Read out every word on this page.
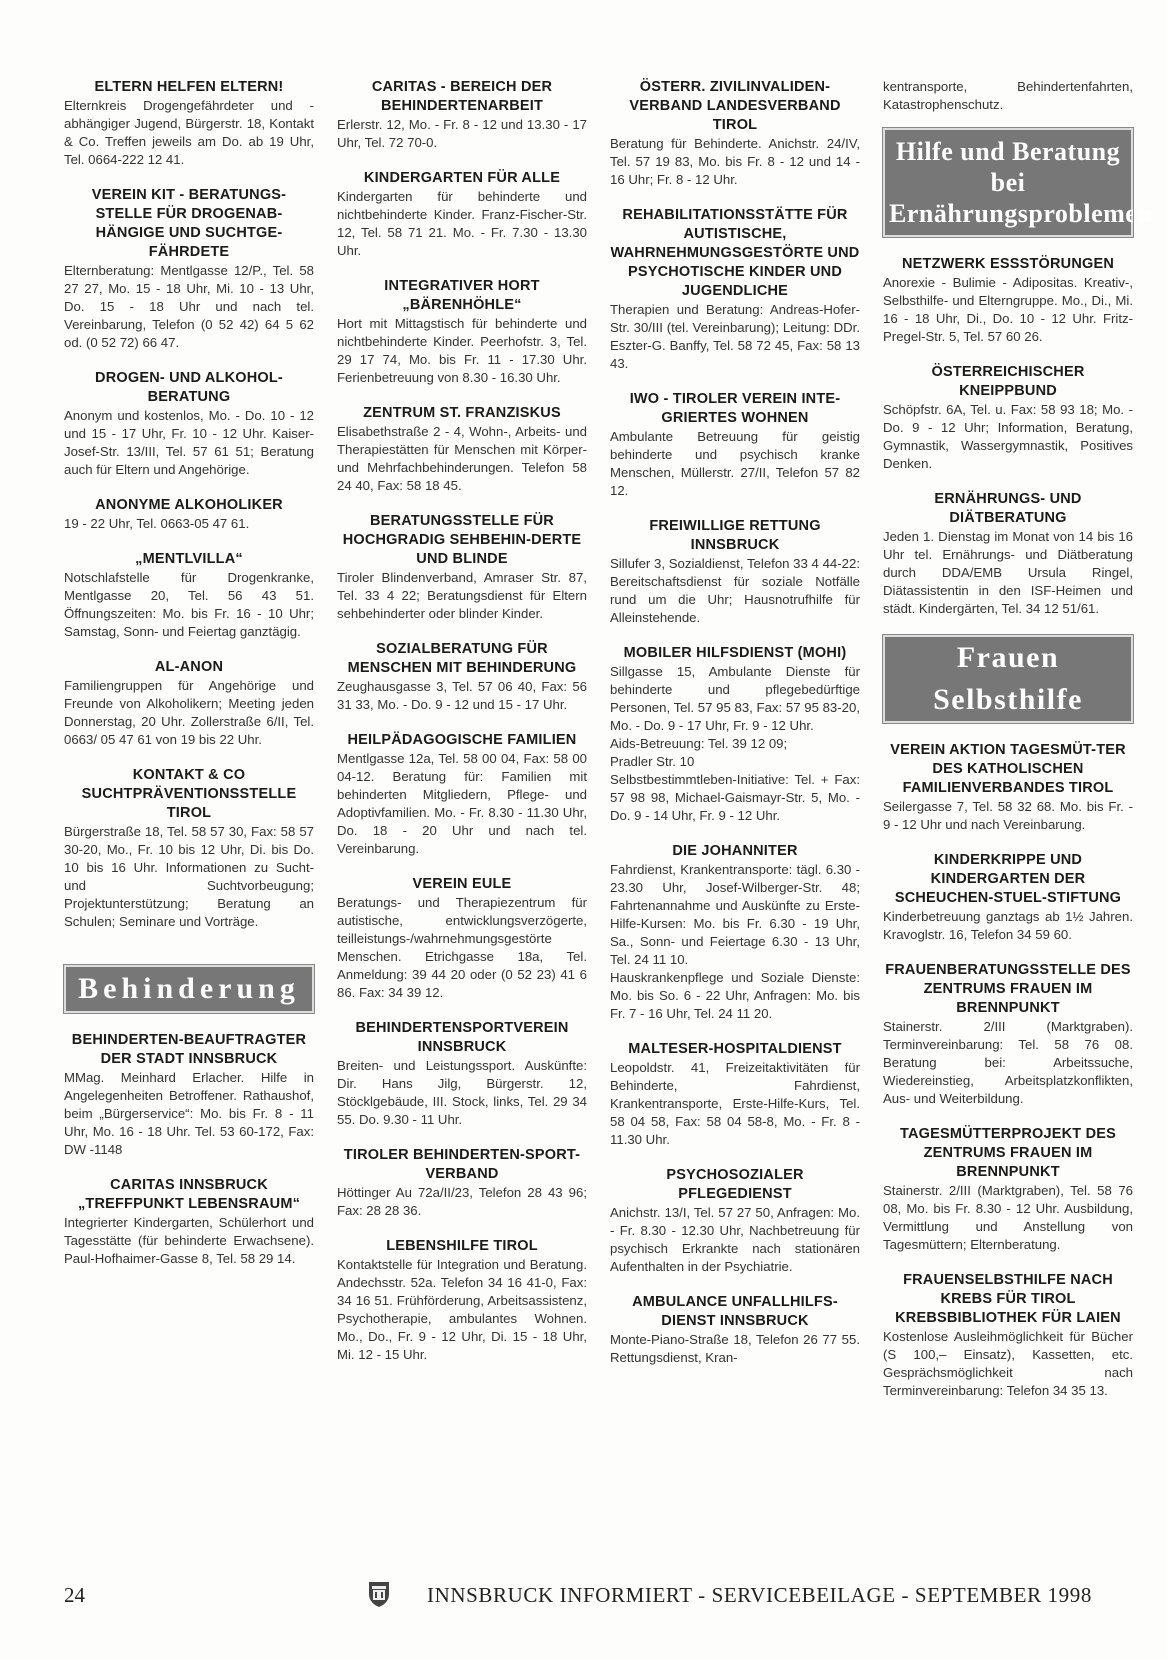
ELTERN HELFEN ELTERN!
Elternkreis Drogengefährdeter und -abhängiger Jugend, Bürgerstr. 18, Kontakt & Co. Treffen jeweils am Do. ab 19 Uhr, Tel. 0664-222 12 41.
VEREIN KIT - BERATUNGS-STELLE FÜR DROGENAB-HÄNGIGE UND SUCHTGE-FÄHRDETE
Elternberatung: Mentlgasse 12/P., Tel. 58 27 27, Mo. 15 - 18 Uhr, Mi. 10 - 13 Uhr, Do. 15 - 18 Uhr und nach tel. Vereinbarung, Telefon (0 52 42) 64 5 62 od. (0 52 72) 66 47.
DROGEN- UND ALKOHOL-BERATUNG
Anonym und kostenlos, Mo. - Do. 10 - 12 und 15 - 17 Uhr, Fr. 10 - 12 Uhr. Kaiser-Josef-Str. 13/III, Tel. 57 61 51; Beratung auch für Eltern und Angehörige.
ANONYME ALKOHOLIKER
19 - 22 Uhr, Tel. 0663-05 47 61.
„MENTLVILLA“
Notschlafstelle für Drogenkranke, Mentlgasse 20, Tel. 56 43 51. Öffnungszeiten: Mo. bis Fr. 16 - 10 Uhr; Samstag, Sonn- und Feiertag ganztägig.
AL-ANON
Familiengruppen für Angehörige und Freunde von Alkoholikern; Meeting jeden Donnerstag, 20 Uhr. Zollerstraße 6/II, Tel. 0663/ 05 47 61 von 19 bis 22 Uhr.
KONTAKT & CO SUCHTPRÄVENTIONSSTELLE TIROL
Bürgerstraße 18, Tel. 58 57 30, Fax: 58 57 30-20, Mo., Fr. 10 bis 12 Uhr, Di. bis Do. 10 bis 16 Uhr. Informationen zu Sucht- und Suchtvorbeugung; Projektunterstützung; Beratung an Schulen; Seminare und Vorträge.
Behinderung
BEHINDERTEN-BEAUFTRAGTER DER STADT INNSBRUCK
MMag. Meinhard Erlacher. Hilfe in Angelegenheiten Betroffener. Rathaushof, beim „Bürgerservice“: Mo. bis Fr. 8 - 11 Uhr, Mo. 16 - 18 Uhr. Tel. 53 60-172, Fax: DW -1148
CARITAS INNSBRUCK „TREFFPUNKT LEBENSRAUM“
Integrierter Kindergarten, Schülerhort und Tagesstätte (für behinderte Erwachsene). Paul-Hofhaimer-Gasse 8, Tel. 58 29 14.
CARITAS - BEREICH DER BEHINDERTENARBEIT
Erlerstr. 12, Mo. - Fr. 8 - 12 und 13.30 - 17 Uhr, Tel. 72 70-0.
KINDERGARTEN FÜR ALLE
Kindergarten für behinderte und nichtbehinderte Kinder. Franz-Fischer-Str. 12, Tel. 58 71 21. Mo. - Fr. 7.30 - 13.30 Uhr.
INTEGRATIVER HORT „BÄRENHÖHLE“
Hort mit Mittagstisch für behinderte und nichtbehinderte Kinder. Peerhofstr. 3, Tel. 29 17 74, Mo. bis Fr. 11 - 17.30 Uhr. Ferienbetreuung von 8.30 - 16.30 Uhr.
ZENTRUM ST. FRANZISKUS
Elisabethstraße 2 - 4, Wohn-, Arbeits- und Therapiestätten für Menschen mit Körper- und Mehrfachbehinderungen. Telefon 58 24 40, Fax: 58 18 45.
BERATUNGSSTELLE FÜR HOCHGRADIG SEHBEHIN-DERTE UND BLINDE
Tiroler Blindenverband, Amraser Str. 87, Tel. 33 4 22; Beratungsdienst für Eltern sehbehinderter oder blinder Kinder.
SOZIALBERATUNG FÜR MENSCHEN MIT BEHINDERUNG
Zeughausgasse 3, Tel. 57 06 40, Fax: 56 31 33, Mo. - Do. 9 - 12 und 15 - 17 Uhr.
HEILPÄDAGOGISCHE FAMILIEN
Mentlgasse 12a, Tel. 58 00 04, Fax: 58 00 04-12. Beratung für: Familien mit behinderten Mitgliedern, Pflege- und Adoptivfamilien. Mo. - Fr. 8.30 - 11.30 Uhr, Do. 18 - 20 Uhr und nach tel. Vereinbarung.
VEREIN EULE
Beratungs- und Therapiezentrum für autistische, entwicklungsverzögerte, teilleistungs-/wahrnehmungsgestörte Menschen. Etrichgasse 18a, Tel. Anmeldung: 39 44 20 oder (0 52 23) 41 6 86. Fax: 34 39 12.
BEHINDERTENSPORTVEREIN INNSBRUCK
Breiten- und Leistungssport. Auskünfte: Dir. Hans Jilg, Bürgerstr. 12, Stöcklgebäude, III. Stock, links, Tel. 29 34 55. Do. 9.30 - 11 Uhr.
TIROLER BEHINDERTEN-SPORT-VERBAND
Höttinger Au 72a/II/23, Telefon 28 43 96; Fax: 28 28 36.
LEBENSHILFE TIROL
Kontaktstelle für Integration und Beratung. Andechsstr. 52a. Telefon 34 16 41-0, Fax: 34 16 51. Frühförderung, Arbeitsassistenz, Psychotherapie, ambulantes Wohnen. Mo., Do., Fr. 9 - 12 Uhr, Di. 15 - 18 Uhr, Mi. 12 - 15 Uhr.
ÖSTERR. ZIVILINVALIDEN-VERBAND LANDESVERBAND TIROL
Beratung für Behinderte. Anichstr. 24/IV, Tel. 57 19 83, Mo. bis Fr. 8 - 12 und 14 - 16 Uhr; Fr. 8 - 12 Uhr.
REHABILITATIONSSTÄTTE FÜR AUTISTISCHE, WAHRNEHMUNGSGESTÖRTE UND PSYCHOTISCHE KINDER UND JUGENDLICHE
Therapien und Beratung: Andreas-Hofer-Str. 30/III (tel. Vereinbarung); Leitung: DDr. Eszter-G. Banffy, Tel. 58 72 45, Fax: 58 13 43.
IWO - TIROLER VEREIN INTE-GRIERTES WOHNEN
Ambulante Betreuung für geistig behinderte und psychisch kranke Menschen, Müllerstr. 27/II, Telefon 57 82 12.
FREIWILLIGE RETTUNG INNSBRUCK
Sillufer 3, Sozialdienst, Telefon 33 4 44-22: Bereitschaftsdienst für soziale Notfälle rund um die Uhr; Hausnotrufhilfe für Alleinstehende.
MOBILER HILFSDIENST (MOHI)
Sillgasse 15, Ambulante Dienste für behinderte und pflegebedürftige Personen, Tel. 57 95 83, Fax: 57 95 83-20, Mo. - Do. 9 - 17 Uhr, Fr. 9 - 12 Uhr.
Aids-Betreuung: Tel. 39 12 09;
Pradler Str. 10
Selbstbestimmtleben-Initiative: Tel. + Fax: 57 98 98, Michael-Gaismayr-Str. 5, Mo. - Do. 9 - 14 Uhr, Fr. 9 - 12 Uhr.
DIE JOHANNITER
Fahrdienst, Krankentransporte: tägl. 6.30 - 23.30 Uhr, Josef-Wilberger-Str. 48; Fahrtenannahme und Auskünfte zu Erste-Hilfe-Kursen: Mo. bis Fr. 6.30 - 19 Uhr, Sa., Sonn- und Feiertage 6.30 - 13 Uhr, Tel. 24 11 10.
Hauskrankenpflege und Soziale Dienste: Mo. bis So. 6 - 22 Uhr, Anfragen: Mo. bis Fr. 7 - 16 Uhr, Tel. 24 11 20.
MALTESER-HOSPITALDIENST
Leopoldstr. 41, Freizeitaktivitäten für Behinderte, Fahrdienst, Krankentransporte, Erste-Hilfe-Kurs, Tel. 58 04 58, Fax: 58 04 58-8, Mo. - Fr. 8 - 11.30 Uhr.
PSYCHOSOZIALER PFLEGEDIENST
Anichstr. 13/I, Tel. 57 27 50, Anfragen: Mo. - Fr. 8.30 - 12.30 Uhr, Nachbetreuung für psychisch Erkrankte nach stationären Aufenthalten in der Psychiatrie.
AMBULANCE UNFALLHILFS-DIENST INNSBRUCK
Monte-Piano-Straße 18, Telefon 26 77 55. Rettungsdienst, Kran-
kentransporte, Behindertenfahrten, Katastrophenschutz.
Hilfe und Beratung bei Ernährungsproblemen
NETZWERK ESSSTÖRUNGEN
Anorexie - Bulimie - Adipositas. Kreativ-, Selbsthilfe- und Elterngruppe. Mo., Di., Mi. 16 - 18 Uhr, Di., Do. 10 - 12 Uhr. Fritz-Pregel-Str. 5, Tel. 57 60 26.
ÖSTERREICHISCHER KNEIPPBUND
Schöpfstr. 6A, Tel. u. Fax: 58 93 18; Mo. - Do. 9 - 12 Uhr; Information, Beratung, Gymnastik, Wassergymnastik, Positives Denken.
ERNÄHRUNGS- UND DIÄTBERATUNG
Jeden 1. Dienstag im Monat von 14 bis 16 Uhr tel. Ernährungs- und Diätberatung durch DDA/EMB Ursula Ringel, Diätassistentin in den ISF-Heimen und städt. Kindergärten, Tel. 34 12 51/61.
Frauen Selbsthilfe
VEREIN AKTION TAGESMÜT-TER DES KATHOLISCHEN FAMILIENVERBANDES TIROL
Seilergasse 7, Tel. 58 32 68. Mo. bis Fr. - 9 - 12 Uhr und nach Vereinbarung.
KINDERKRIPPE UND KINDERGARTEN DER SCHEUCHEN-STUEL-STIFTUNG
Kinderbetreuung ganztags ab 1½ Jahren. Kravoglstr. 16, Telefon 34 59 60.
FRAUENBERATUNGSSTELLE DES ZENTRUMS FRAUEN IM BRENNPUNKT
Stainerstr. 2/III (Marktgraben). Terminvereinbarung: Tel. 58 76 08. Beratung bei: Arbeitssuche, Wiedereinstieg, Arbeitsplatzkonflikten, Aus- und Weiterbildung.
TAGESMÜTTERPROJEKT DES ZENTRUMS FRAUEN IM BRENNPUNKT
Stainerstr. 2/III (Marktgraben), Tel. 58 76 08, Mo. bis Fr. 8.30 - 12 Uhr. Ausbildung, Vermittlung und Anstellung von Tagesmüttern; Elternberatung.
FRAUENSELBSTHILFE NACH KREBS FÜR TIROL KREBSBIBLIOTHEK FÜR LAIEN
Kostenlose Ausleihmöglichkeit für Bücher (S 100,– Einsatz), Kassetten, etc. Gesprächsmöglichkeit nach Terminvereinbarung: Telefon 34 35 13.
24	INNSBRUCK INFORMIERT - SERVICEBEILAGE - SEPTEMBER 1998
